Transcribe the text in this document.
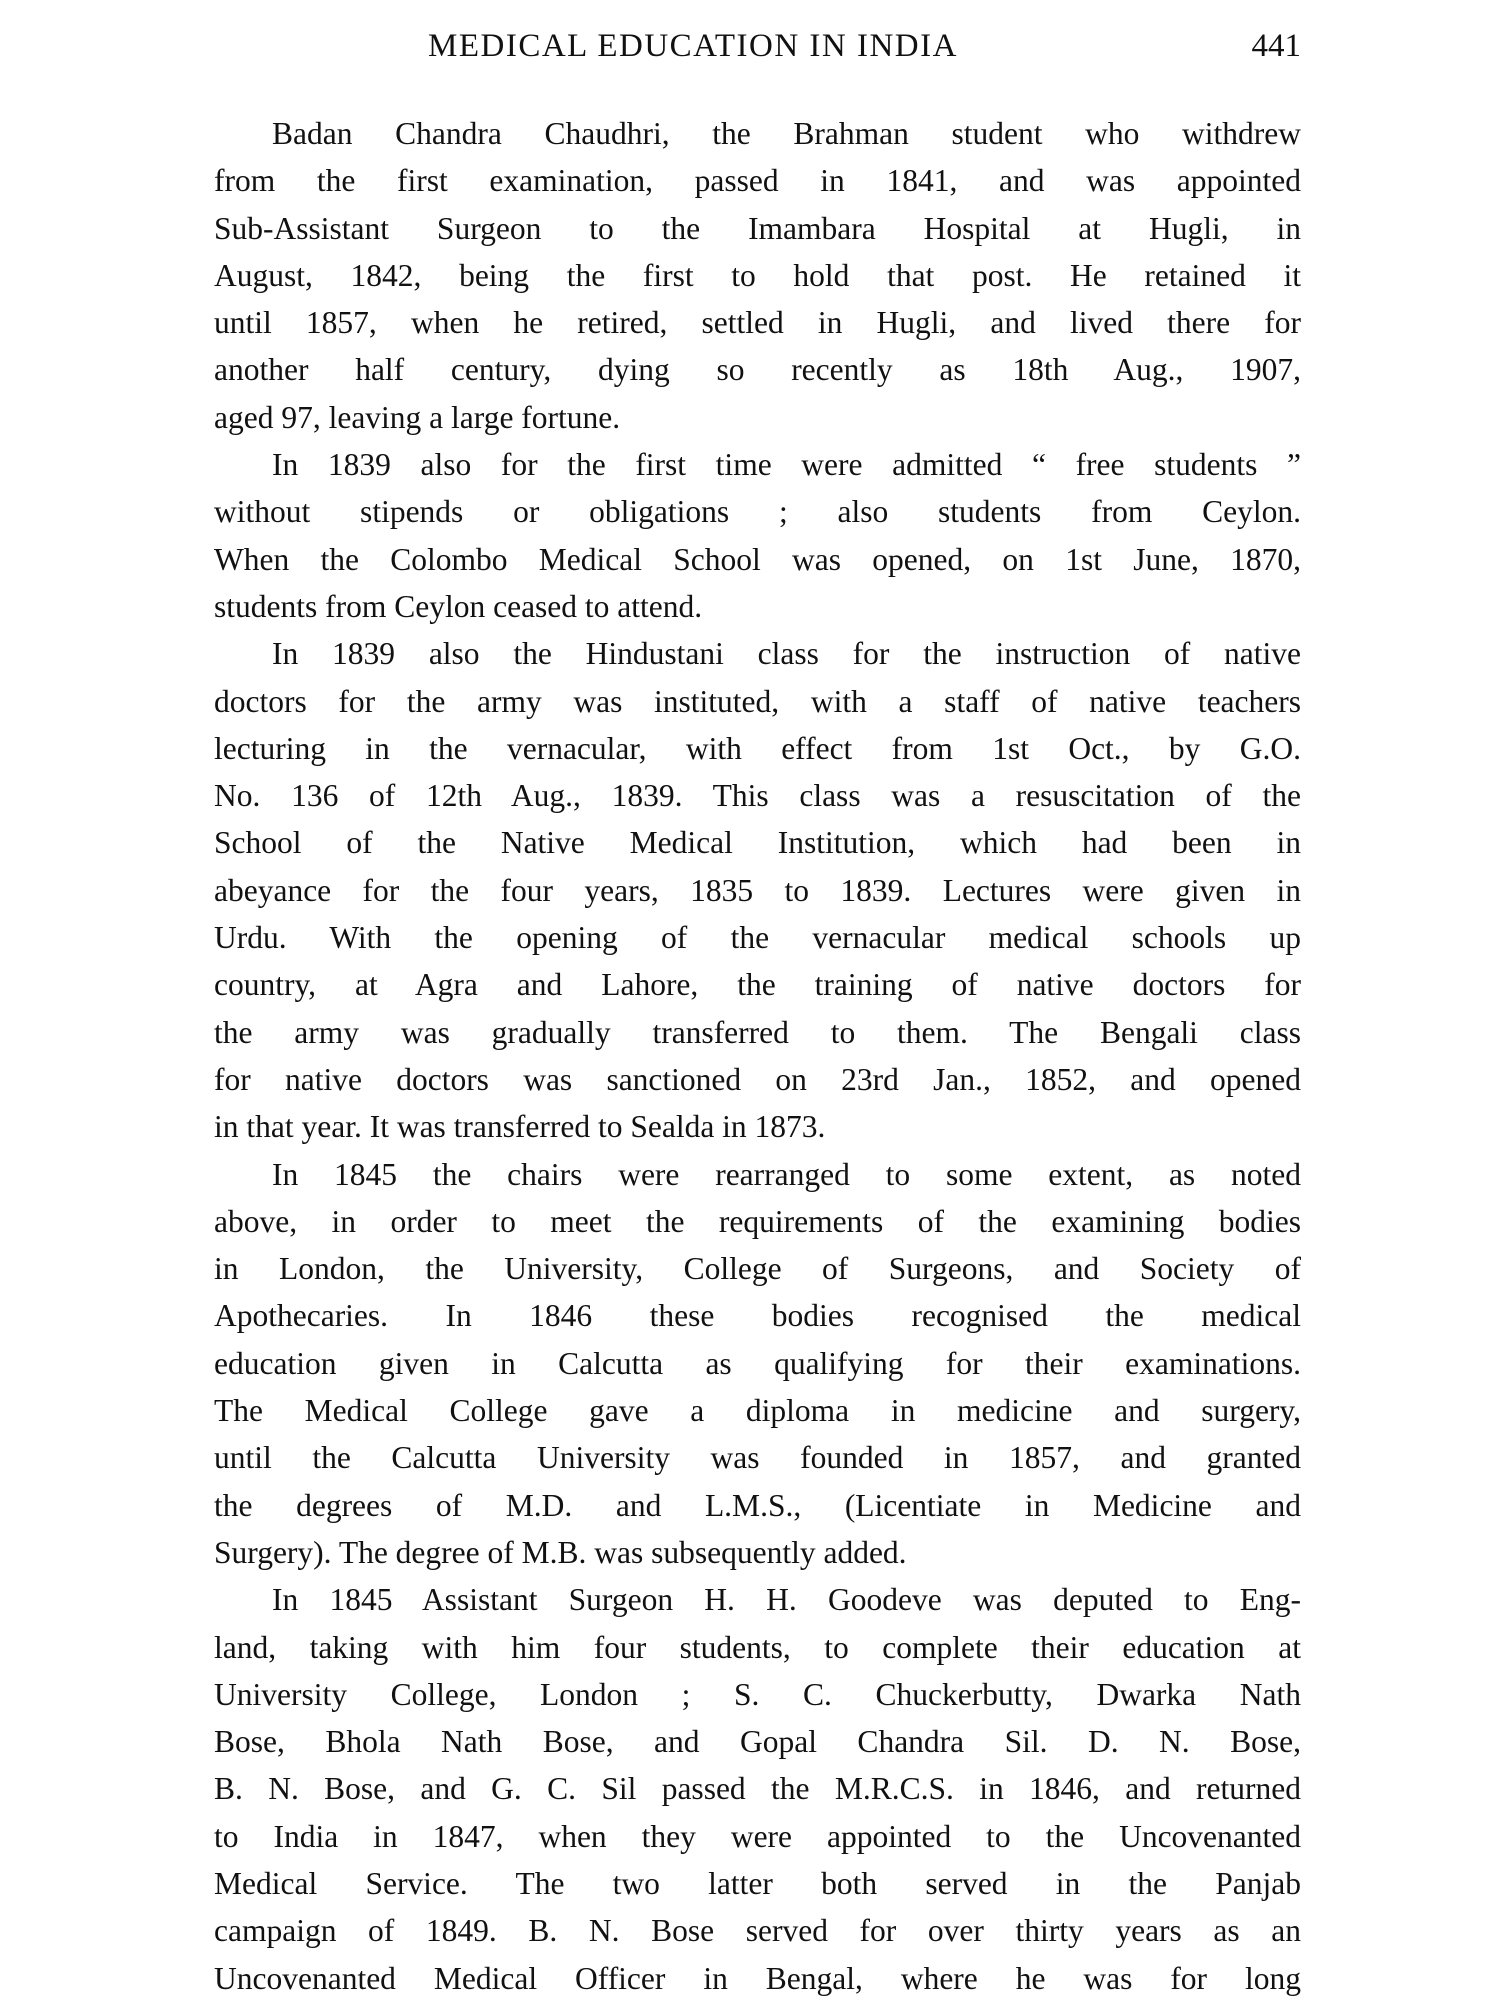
MEDICAL EDUCATION IN INDIA	441
Badan Chandra Chaudhri, the Brahman student who withdrew
from the first examination, passed in 1841, and was appointed
Sub-Assistant Surgeon to the Imambara Hospital at Hugli, in
August, 1842, being the first to hold that post. He retained it
until 1857, when he retired, settled in Hugli, and lived there for
another half century, dying so recently as 18th Aug., 1907,
aged 97, leaving a large fortune.
In 1839 also for the first time were admitted “ free students ”
without stipends or obligations ; also students from Ceylon.
When the Colombo Medical School was opened, on 1st June, 1870,
students from Ceylon ceased to attend.
In 1839 also the Hindustani class for the instruction of native
doctors for the army was instituted, with a staff of native teachers
lecturing in the vernacular, with effect from 1st Oct., by G.O.
No. 136 of 12th Aug., 1839. This class was a resuscitation of the
School of the Native Medical Institution, which had been in
abeyance for the four years, 1835 to 1839. Lectures were given in
Urdu. With the opening of the vernacular medical schools up
country, at Agra and Lahore, the training of native doctors for
the army was gradually transferred to them. The Bengali class
for native doctors was sanctioned on 23rd Jan., 1852, and opened
in that year. It was transferred to Sealda in 1873.
In 1845 the chairs were rearranged to some extent, as noted
above, in order to meet the requirements of the examining bodies
in London, the University, College of Surgeons, and Society of
Apothecaries. In 1846 these bodies recognised the medical
education given in Calcutta as qualifying for their examinations.
The Medical College gave a diploma in medicine and surgery,
until the Calcutta University was founded in 1857, and granted
the degrees of M.D. and L.M.S., (Licentiate in Medicine and
Surgery). The degree of M.B. was subsequently added.
In 1845 Assistant Surgeon H. H. Goodeve was deputed to Eng-
land, taking with him four students, to complete their education at
University College, London ; S. C. Chuckerbutty, Dwarka Nath
Bose, Bhola Nath Bose, and Gopal Chandra Sil. D. N. Bose,
B. N. Bose, and G. C. Sil passed the M.R.C.S. in 1846, and returned
to India in 1847, when they were appointed to the Uncovenanted
Medical Service. The two latter both served in the Panjab
campaign of 1849. B. N. Bose served for over thirty years as an
Uncovenanted Medical Officer in Bengal, where he was for long
